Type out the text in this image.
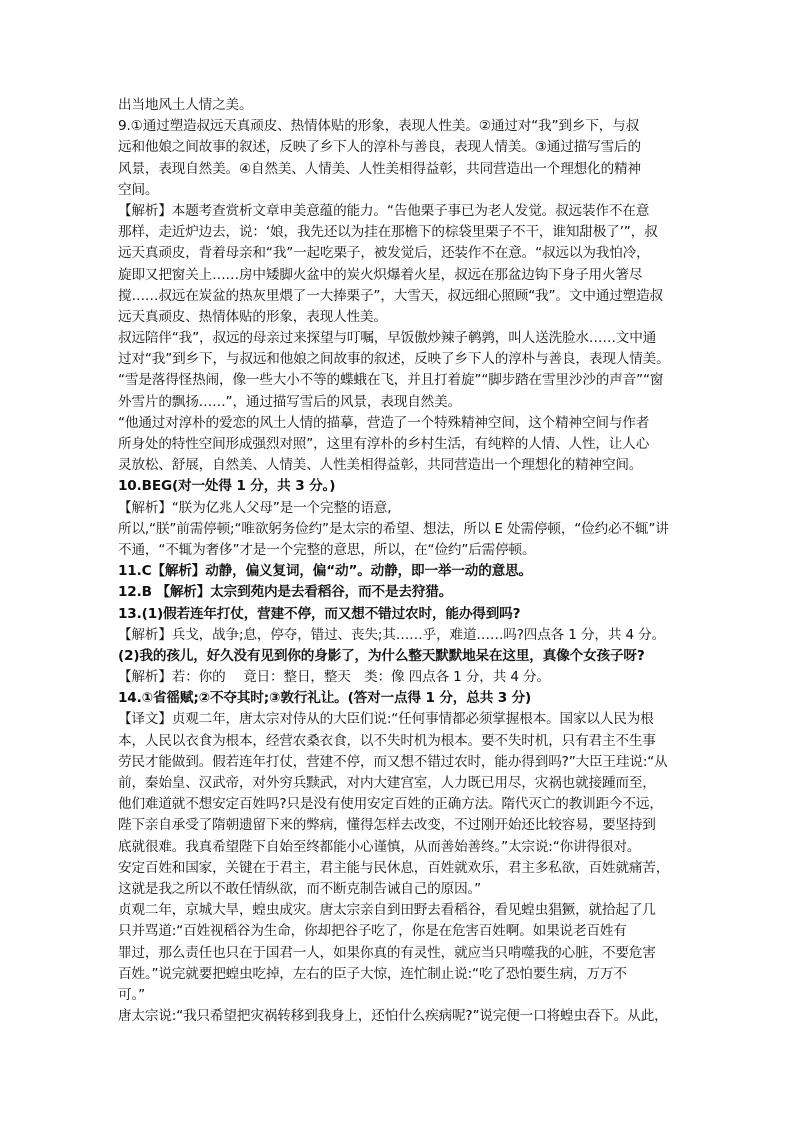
出当地风土人情之美。
9.①通过塑造叔远天真顽皮、热情体贴的形象，表现人性美。②通过对“我”到乡下，与叔
远和他娘之间故事的叙述，反映了乡下人的淳朴与善良，表现人情美。③通过描写雪后的
风景，表现自然美。④自然美、人情美、人性美相得益彰，共同营造出一个理想化的精神
空间。
【解析】本题考查赏析文章申美意蕴的能力。“告他栗子事已为老人发觉。叔远装作不在意
那样，走近炉边去，说：‘娘，我先还以为挂在那檐下的棕袋里栗子不干，谁知甜极了’”，叔
远天真顽皮，背着母亲和“我”一起吃栗子，被发觉后，还装作不在意。“叔远以为我怕冷，
旋即又把窗关上……房中矮脚火盆中的炭火炽爆着火星，叔远在那盆边钩下身子用火箸尽
搅……叔远在炭盆的热灰里煨了一大捧栗子”，大雪天，叔远细心照顾“我”。文中通过塑造叔
远天真顽皮、热情体贴的形象，表现人性美。
叔远陪伴“我”，叔远的母亲过来探望与叮嘱，早饭傲炒辣子鹌鹑，叫人送洗脸水……文中通
过对“我”到乡下，与叔远和他娘之间故事的叙述，反映了乡下人的淳朴与善良，表现人情美。
“雪是落得怪热闹，像一些大小不等的蝶蛾在飞，并且打着旋”“脚步踏在雪里沙沙的声音”“窗
外雪片的飘扬……”，通过描写雪后的风景，表现自然美。
“他通过对淳朴的爱恋的风土人情的描摹，营造了一个特殊精神空间，这个精神空间与作者
所身处的特性空间形成强烈对照”，这里有淳朴的乡村生活，有纯粹的人情、人性，让人心
灵放松、舒展，自然美、人情美、人性美相得益彰，共同营造出一个理想化的精神空间。
10.BEG(对一处得 1 分，共 3 分。)
【解析】“朕为亿兆人父母”是一个完整的语意,
所以,“朕”前需停顿;“唯欲躬务俭约”是太宗的希望、想法，所以 E 处需停顿，“俭约必不辄”讲
不通，“不辄为奢侈”才是一个完整的意思，所以，在“俭约”后需停顿。
11.C【解析】动静，偏义复词，偏“动”。动静，即一举一动的意思。
12.B 【解析】太宗到苑内是去看稻谷，而不是去狩猎。
13.(1)假若连年打仗，营建不停，而又想不错过农时，能办得到吗?
【解析】兵戈，战争;息，停夺，错过、丧失;其……乎，难道……吗?四点各 1 分，共 4 分。
(2)我的孩儿，好久没有见到你的身影了，为什么整天默默地呆在这里，真像个女孩子呀?
【解析】若：你的　 竟日：整日，整天　类：像 四点各 1 分，共 4 分。
14.①省徭赋;②不夺其时;③敦行礼让。(答对一点得 1 分，总共 3 分)
【译文】贞观二年，唐太宗对侍从的大臣们说:“任何事情都必须掌握根本。国家以人民为根
本，人民以衣食为根本，经营农桑衣食，以不失时机为根本。要不失时机，只有君主不生事
劳民才能做到。假若连年打仗，营建不停，而又想不错过农时，能办得到吗?”大臣王珪说:“从
前，秦始皇、汉武帝，对外穷兵黩武，对内大建宫室，人力既已用尽，灾祸也就接踵而至，
他们难道就不想安定百姓吗?只是没有使用安定百姓的正确方法。隋代灭亡的教训距今不远，
陛下亲自承受了隋朝遗留下来的弊病，懂得怎样去改变，不过刚开始还比较容易，要坚持到
底就很难。我真希望陛下自始至终都能小心谨慎，从而善始善终。”太宗说:“你讲得很对。
安定百姓和国家，关键在于君主，君主能与民休息，百姓就欢乐，君主多私欲，百姓就痛苦，
这就是我之所以不敢任情纵欲，而不断克制告诫自己的原因。”
贞观二年，京城大旱，蝗虫成灾。唐太宗亲自到田野去看稻谷，看见蝗虫猖獗，就拾起了几
只并骂道:“百姓视稻谷为生命，你却把谷子吃了，你是在危害百姓啊。如果说老百姓有
罪过，那么责任也只在于国君一人，如果你真的有灵性，就应当只啃噬我的心脏，不要危害
百姓。”说完就要把蝗虫吃掉，左右的臣子大惊，连忙制止说:“吃了恐怕要生病，万万不
可。”
唐太宗说:“我只希望把灾祸转移到我身上，还怕什么疾病呢?”说完便一口将蝗虫吞下。从此，
